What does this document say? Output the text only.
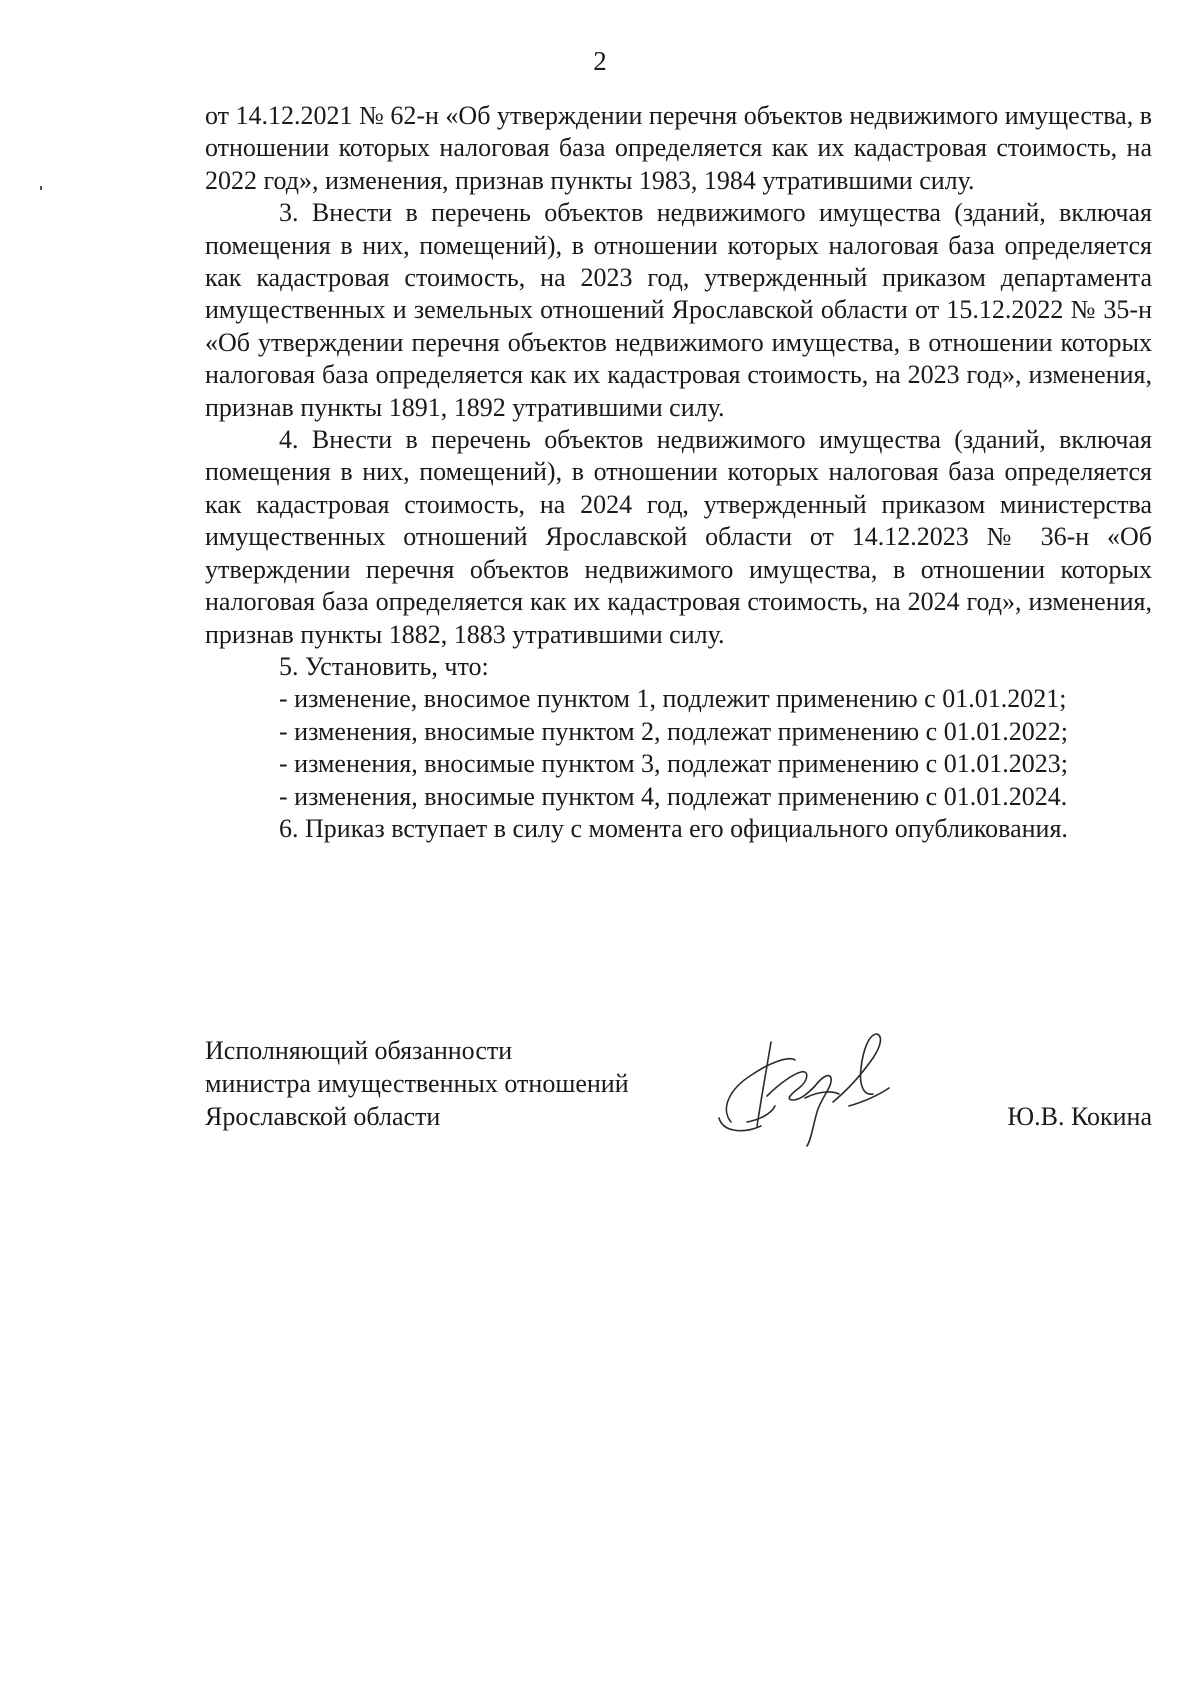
2

от 14.12.2021 № 62-н «Об утверждении перечня объектов недвижимого имущества, в отношении которых налоговая база определяется как их кадастровая стоимость, на 2022 год», изменения, признав пункты 1983, 1984 утратившими силу.

3. Внести в перечень объектов недвижимого имущества (зданий, включая помещения в них, помещений), в отношении которых налоговая база определяется как кадастровая стоимость, на 2023 год, утвержденный приказом департамента имущественных и земельных отношений Ярославской области от 15.12.2022 № 35-н «Об утверждении перечня объектов недвижимого имущества, в отношении которых налоговая база определяется как их кадастровая стоимость, на 2023 год», изменения, признав пункты 1891, 1892 утратившими силу.

4. Внести в перечень объектов недвижимого имущества (зданий, включая помещения в них, помещений), в отношении которых налоговая база определяется как кадастровая стоимость, на 2024 год, утвержденный приказом министерства имущественных отношений Ярославской области от 14.12.2023 № 36-н «Об утверждении перечня объектов недвижимого имущества, в отношении которых налоговая база определяется как их кадастровая стоимость, на 2024 год», изменения, признав пункты 1882, 1883 утратившими силу.

5. Установить, что:

- изменение, вносимое пунктом 1, подлежит применению с 01.01.2021;

- изменения, вносимые пунктом 2, подлежат применению с 01.01.2022;

- изменения, вносимые пунктом 3, подлежат применению с 01.01.2023;

- изменения, вносимые пунктом 4, подлежат применению с 01.01.2024.

6. Приказ вступает в силу с момента его официального опубликования.

Исполняющий обязанности
министра имущественных отношений
Ярославской области	Ю.В. Кокина
